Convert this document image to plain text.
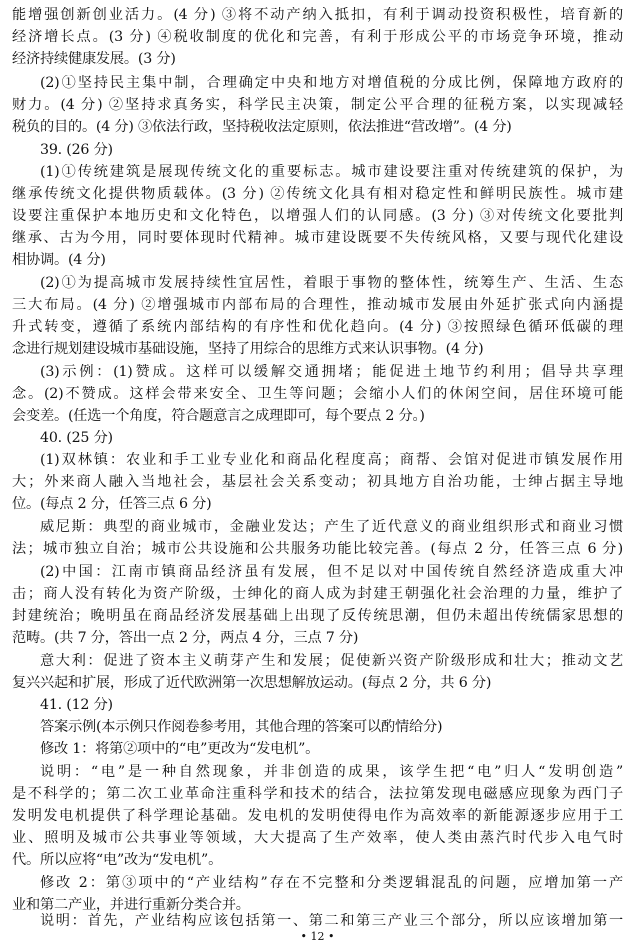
能增强创新创业活力。(4 分) ③将不动产纳入抵扣，有利于调动投资积极性，培育新的
经济增长点。(3 分) ④税收制度的优化和完善，有利于形成公平的市场竞争环境，推动
经济持续健康发展。(3 分)
(2)①坚持民主集中制，合理确定中央和地方对增值税的分成比例，保障地方政府的
财力。(4 分) ②坚持求真务实，科学民主决策，制定公平合理的征税方案，以实现减轻
税负的目的。(4 分) ③依法行政，坚持税收法定原则，依法推进“营改增”。(4 分)
39. (26 分)
(1)①传统建筑是展现传统文化的重要标志。城市建设要注重对传统建筑的保护，为
继承传统文化提供物质载体。(3 分) ②传统文化具有相对稳定性和鲜明民族性。城市建
设要注重保护本地历史和文化特色，以增强人们的认同感。(3 分) ③对传统文化要批判
继承、古为今用，同时要体现时代精神。城市建设既要不失传统风格，又要与现代化建设
相协调。(4 分)
(2)①为提高城市发展持续性宜居性，着眼于事物的整体性，统筹生产、生活、生态
三大布局。(4 分) ②增强城市内部布局的合理性，推动城市发展由外延扩张式向内涵提
升式转变，遵循了系统内部结构的有序性和优化趋向。(4 分) ③按照绿色循环低碳的理
念进行规划建设城市基础设施，坚持了用综合的思维方式来认识事物。(4 分)
(3)示例：(1)赞成。这样可以缓解交通拥堵；能促进土地节约利用；倡导共享理
念。(2)不赞成。这样会带来安全、卫生等问题；会缩小人们的休闲空间，居住环境可能
会变差。(任选一个角度，符合题意言之成理即可，每个要点 2 分。)
40. (25 分)
(1)双林镇：农业和手工业专业化和商品化程度高；商帮、会馆对促进市镇发展作用
大；外来商人融入当地社会，基层社会关系变动；初具地方自治功能，士绅占据主导地
位。(每点 2 分，任答三点 6 分)
威尼斯：典型的商业城市，金融业发达；产生了近代意义的商业组织形式和商业习惯
法；城市独立自治；城市公共设施和公共服务功能比较完善。(每点 2 分，任答三点 6 分)
(2)中国：江南市镇商品经济虽有发展，但不足以对中国传统自然经济造成重大冲
击；商人没有转化为资产阶级，士绅化的商人成为封建王朝强化社会治理的力量，维护了
封建统治；晚明虽在商品经济发展基础上出现了反传统思潮，但仍未超出传统儒家思想的
范畴。(共 7 分，答出一点 2 分，两点 4 分，三点 7 分)
意大利：促进了资本主义萌芽产生和发展；促使新兴资产阶级形成和壮大；推动文艺
复兴兴起和扩展，形成了近代欧洲第一次思想解放运动。(每点 2 分，共 6 分)
41. (12 分)
答案示例(本示例只作阅卷参考用，其他合理的答案可以酌情给分)
修改 1：将第②项中的“电”更改为“发电机”。
说明：“电”是一种自然现象，并非创造的成果，该学生把“电”归人“发明创造”
是不科学的；第二次工业革命注重科学和技术的结合，法拉第发现电磁感应现象为西门子
发明发电机提供了科学理论基础。发电机的发明使得电作为高效率的新能源逐步应用于工
业、照明及城市公共事业等领域，大大提高了生产效率，使人类由蒸汽时代步入电气时
代。所以应将“电”改为“发电机”。
修改 2：第③项中的“产业结构”存在不完整和分类逻辑混乱的问题，应增加第一产
业和第二产业，并进行重新分类合并。
说明：首先，产业结构应该包括第一、第二和第三产业三个部分，所以应该增加第一
• 12 •
